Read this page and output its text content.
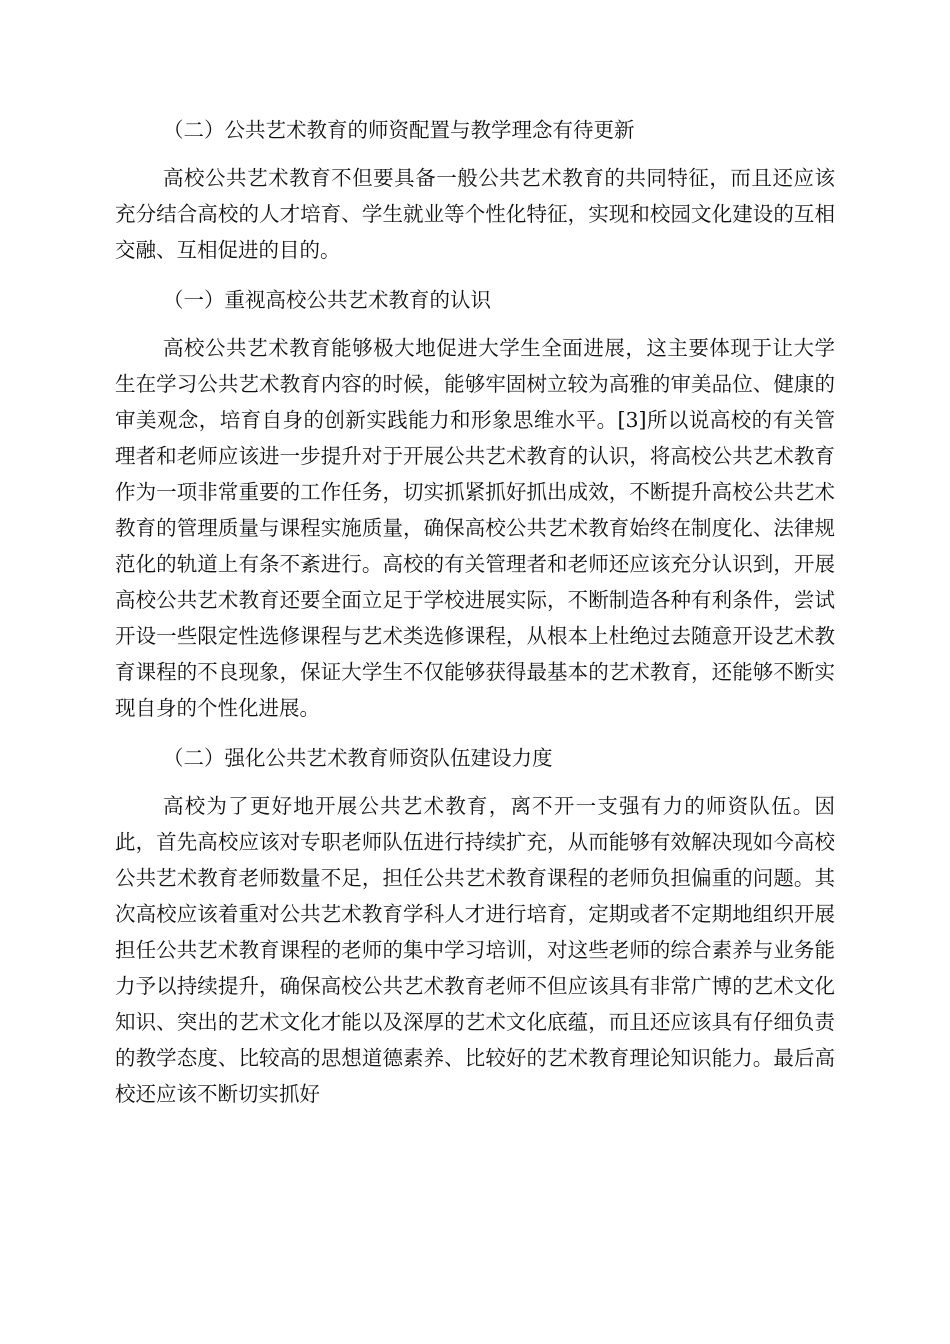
（二）公共艺术教育的师资配置与教学理念有待更新

高校公共艺术教育不但要具备一般公共艺术教育的共同特征，而且还应该充分结合高校的人才培育、学生就业等个性化特征，实现和校园文化建设的互相交融、互相促进的目的。

（一）重视高校公共艺术教育的认识

高校公共艺术教育能够极大地促进大学生全面进展，这主要体现于让大学生在学习公共艺术教育内容的时候，能够牢固树立较为高雅的审美品位、健康的审美观念，培育自身的创新实践能力和形象思维水平。[3]所以说高校的有关管理者和老师应该进一步提升对于开展公共艺术教育的认识，将高校公共艺术教育作为一项非常重要的工作任务，切实抓紧抓好抓出成效，不断提升高校公共艺术教育的管理质量与课程实施质量，确保高校公共艺术教育始终在制度化、法律规范化的轨道上有条不紊进行。高校的有关管理者和老师还应该充分认识到，开展高校公共艺术教育还要全面立足于学校进展实际，不断制造各种有利条件，尝试开设一些限定性选修课程与艺术类选修课程，从根本上杜绝过去随意开设艺术教育课程的不良现象，保证大学生不仅能够获得最基本的艺术教育，还能够不断实现自身的个性化进展。

（二）强化公共艺术教育师资队伍建设力度

高校为了更好地开展公共艺术教育，离不开一支强有力的师资队伍。因此，首先高校应该对专职老师队伍进行持续扩充，从而能够有效解决现如今高校公共艺术教育老师数量不足，担任公共艺术教育课程的老师负担偏重的问题。其次高校应该着重对公共艺术教育学科人才进行培育，定期或者不定期地组织开展担任公共艺术教育课程的老师的集中学习培训，对这些老师的综合素养与业务能力予以持续提升，确保高校公共艺术教育老师不但应该具有非常广博的艺术文化知识、突出的艺术文化才能以及深厚的艺术文化底蕴，而且还应该具有仔细负责的教学态度、比较高的思想道德素养、比较好的艺术教育理论知识能力。最后高校还应该不断切实抓好
